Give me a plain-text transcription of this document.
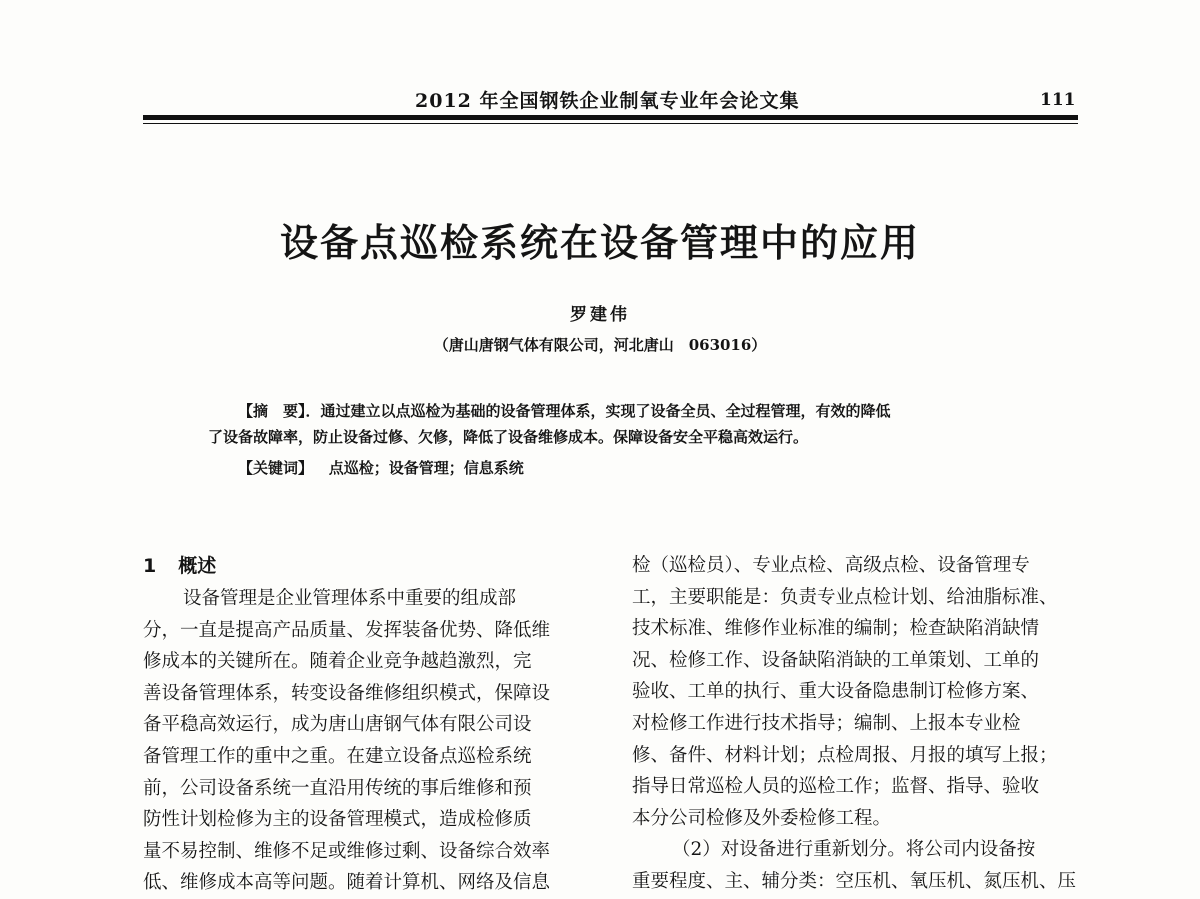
2012 年全国钢铁企业制氧专业年会论文集	111
设备点巡检系统在设备管理中的应用
罗建伟
（唐山唐钢气体有限公司，河北唐山　063016）
【摘　要】．通过建立以点巡检为基础的设备管理体系，实现了设备全员、全过程管理，有效的降低
了设备故障率，防止设备过修、欠修，降低了设备维修成本。保障设备安全平稳高效运行。
【关键词】 点巡检；设备管理；信息系统
1 概述
设备管理是企业管理体系中重要的组成部
分，一直是提高产品质量、发挥装备优势、降低维
修成本的关键所在。随着企业竞争越趋激烈，完
善设备管理体系，转变设备维修组织模式，保障设
备平稳高效运行，成为唐山唐钢气体有限公司设
备管理工作的重中之重。在建立设备点巡检系统
前，公司设备系统一直沿用传统的事后维修和预
防性计划检修为主的设备管理模式，造成检修质
量不易控制、维修不足或维修过剩、设备综合效率
低、维修成本高等问题。随着计算机、网络及信息
检（巡检员）、专业点检、高级点检、设备管理专
工，主要职能是：负责专业点检计划、给油脂标准、
技术标准、维修作业标准的编制；检查缺陷消缺情
况、检修工作、设备缺陷消缺的工单策划、工单的
验收、工单的执行、重大设备隐患制订检修方案、
对检修工作进行技术指导；编制、上报本专业检
修、备件、材料计划；点检周报、月报的填写上报；
指导日常巡检人员的巡检工作；监督、指导、验收
本分公司检修及外委检修工程。
（2）对设备进行重新划分。将公司内设备按
重要程度、主、辅分类：空压机、氧压机、氮压机、压
